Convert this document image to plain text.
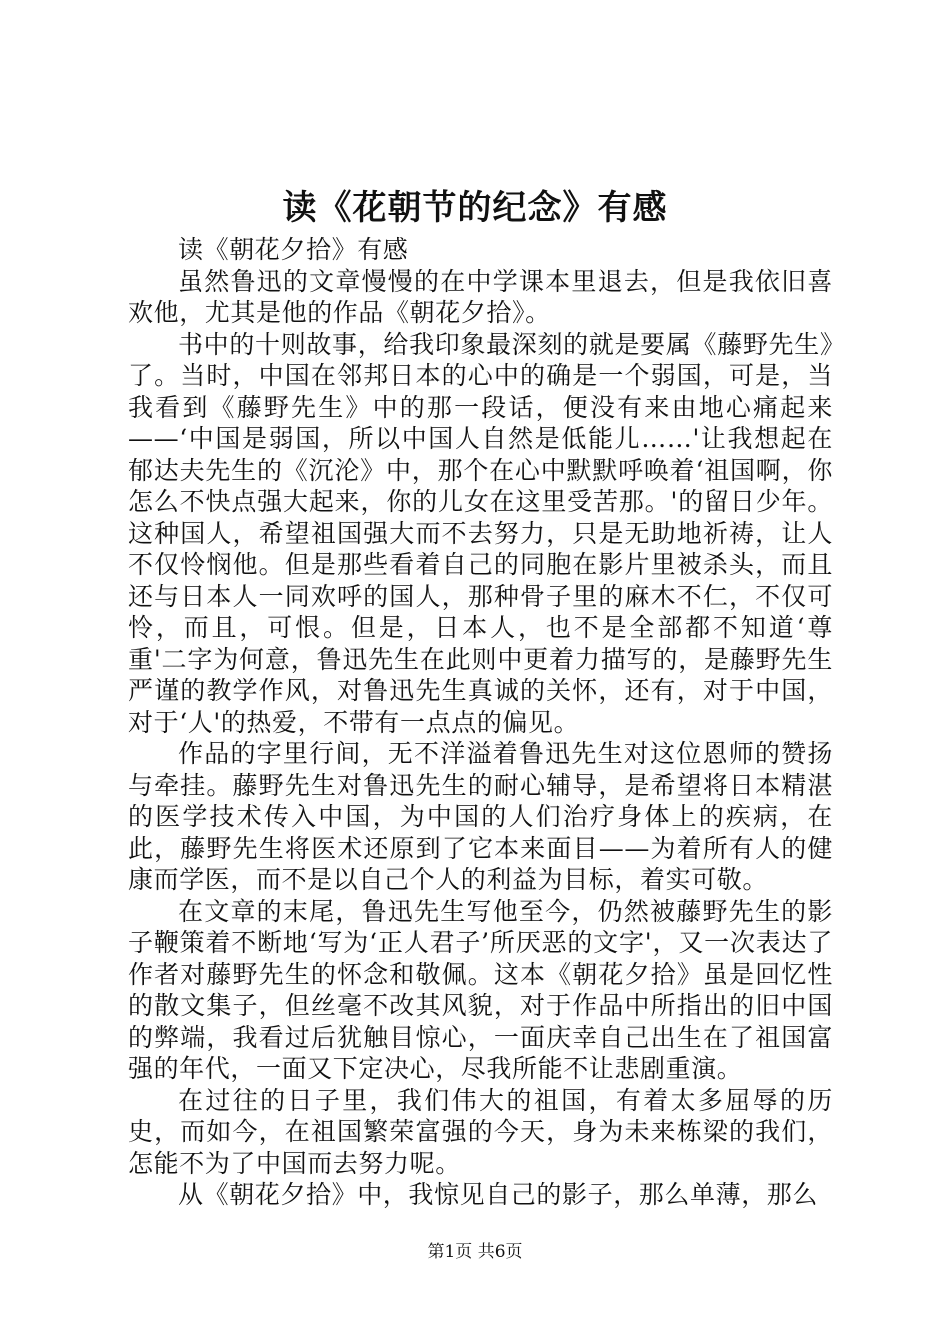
读《花朝节的纪念》有感

读《朝花夕拾》有感

虽然鲁迅的文章慢慢的在中学课本里退去，但是我依旧喜欢他，尤其是他的作品《朝花夕拾》。

书中的十则故事，给我印象最深刻的就是要属《藤野先生》了。当时，中国在邻邦日本的心中的确是一个弱国，可是，当我看到《藤野先生》中的那一段话，便没有来由地心痛起来——‘中国是弱国，所以中国人自然是低能儿……'让我想起在郁达夫先生的《沉沦》中，那个在心中默默呼唤着‘祖国啊，你怎么不快点强大起来，你的儿女在这里受苦那。'的留日少年。这种国人，希望祖国强大而不去努力，只是无助地祈祷，让人不仅怜悯他。但是那些看着自己的同胞在影片里被杀头，而且还与日本人一同欢呼的国人，那种骨子里的麻木不仁，不仅可怜，而且，可恨。但是，日本人，也不是全部都不知道‘尊重'二字为何意，鲁迅先生在此则中更着力描写的，是藤野先生严谨的教学作风，对鲁迅先生真诚的关怀，还有，对于中国，对于‘人'的热爱，不带有一点点的偏见。

作品的字里行间，无不洋溢着鲁迅先生对这位恩师的赞扬与牵挂。藤野先生对鲁迅先生的耐心辅导，是希望将日本精湛的医学技术传入中国，为中国的人们治疗身体上的疾病，在此，藤野先生将医术还原到了它本来面目——为着所有人的健康而学医，而不是以自己个人的利益为目标，着实可敬。

在文章的末尾，鲁迅先生写他至今，仍然被藤野先生的影子鞭策着不断地‘写为‘正人君子’所厌恶的文字'，又一次表达了作者对藤野先生的怀念和敬佩。这本《朝花夕拾》虽是回忆性的散文集子，但丝毫不改其风貌，对于作品中所指出的旧中国的弊端，我看过后犹触目惊心，一面庆幸自己出生在了祖国富强的年代，一面又下定决心，尽我所能不让悲剧重演。

在过往的日子里，我们伟大的祖国，有着太多屈辱的历史，而如今，在祖国繁荣富强的今天，身为未来栋梁的我们，怎能不为了中国而去努力呢。

从《朝花夕拾》中，我惊见自己的影子，那么单薄，那么

第1页 共6页
